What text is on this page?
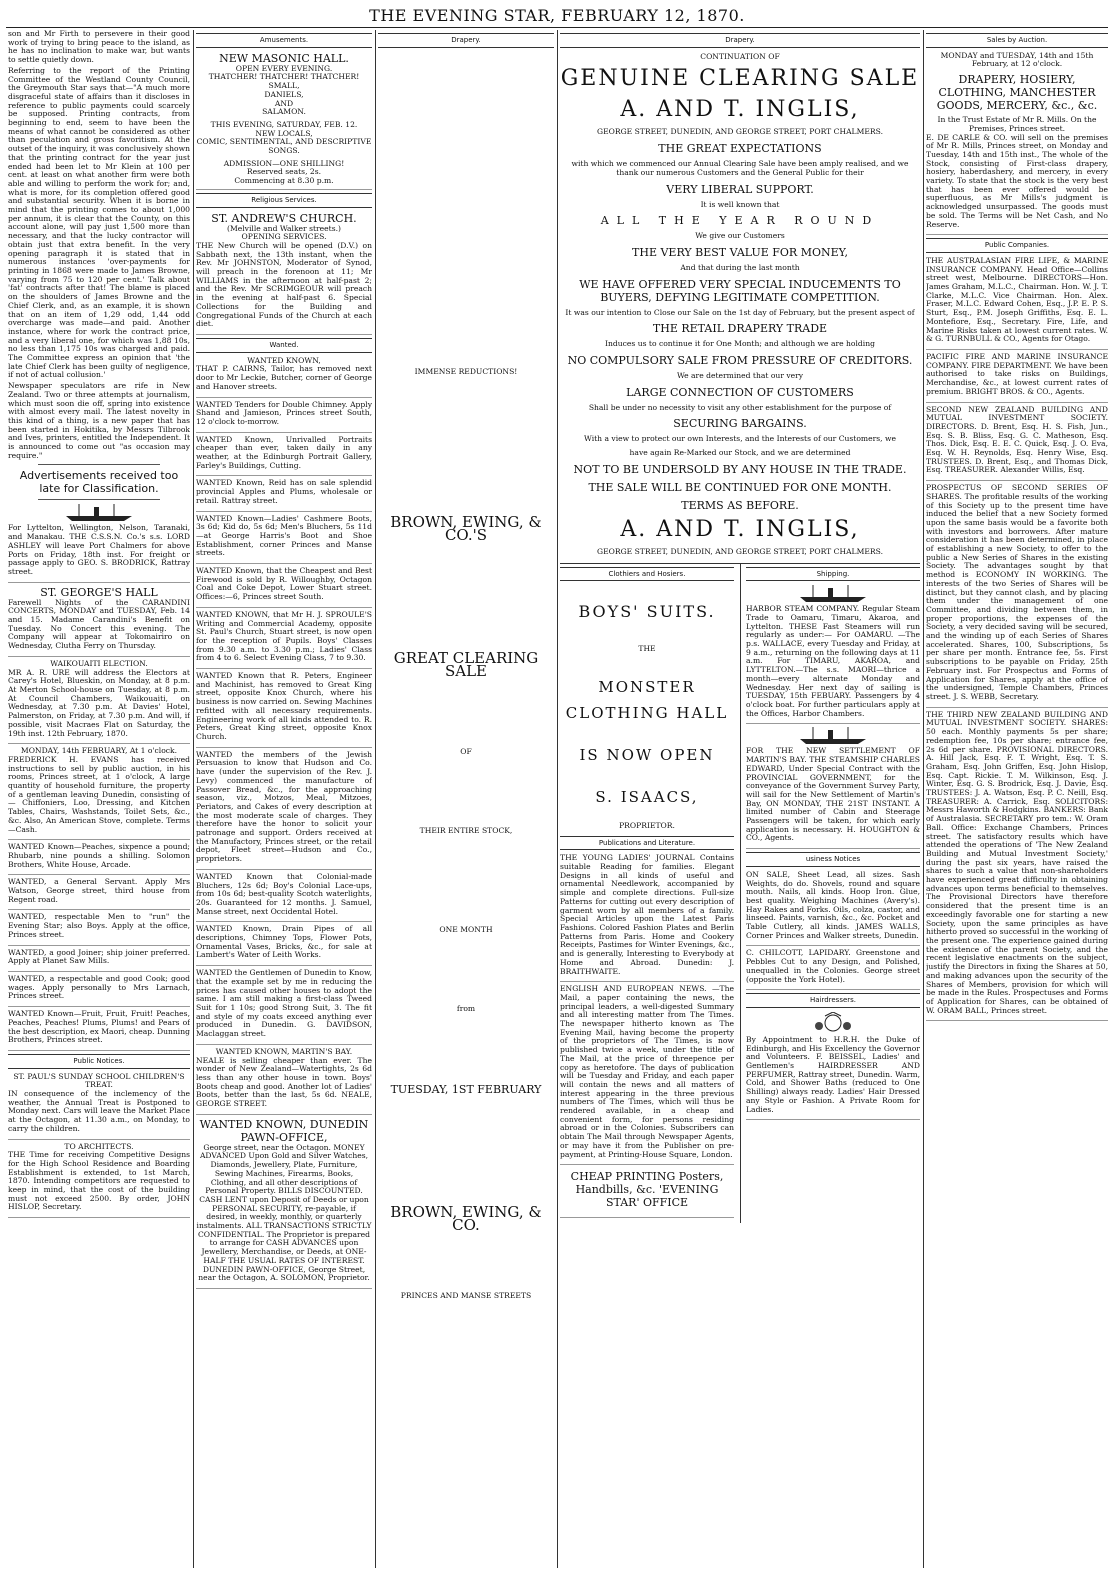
THE EVENING STAR, FEBRUARY 12, 1870.

son and Mr Firth to persevere in their good work of trying to bring peace to the island, as he has no inclination to make war, but wants to settle quietly down.

Referring to the report of the Printing Committee of the Westland County Council, the Greymouth Star says that—"A much more disgraceful state of affairs than it discloses in reference to public payments could scarcely be supposed. Printing contracts, from beginning to end, seem to have been the means of what cannot be considered as other than peculation and gross favoritism. At the outset of the inquiry, it was conclusively shown that the printing contract for the year just ended had been let to Mr Klein at 100 per cent. at least on what another firm were both able and willing to perform the work for; and, what is more, for its completion offered good and substantial security. When it is borne in mind that the printing comes to about 1,000 per annum, it is clear that the County, on this account alone, will pay just 1,500 more than necessary, and that the lucky contractor will obtain just that extra benefit. In the very opening paragraph it is stated that in numerous instances 'over-payments for printing in 1868 were made to James Browne, varying from 75 to 120 per cent.' Talk about 'fat' contracts after that! The blame is placed on the shoulders of James Browne and the Chief Clerk, and, as an example, it is shown that on an item of 1,29 odd, 1,44 odd overcharge was made—and paid. Another instance, where for work the contract price, and a very liberal one, for which was 1,88 10s, no less than 1,175 10s was charged and paid. The Committee express an opinion that 'the late Chief Clerk has been guilty of negligence, if not of actual collusion.'

Newspaper speculators are rife in New Zealand. Two or three attempts at journalism, which must soon die off, spring into existence with almost every mail. The latest novelty in this kind of a thing, is a new paper that has been started in Hokitika, by Messrs Tilbrook and Ives, printers, entitled the Independent. It is announced to come out "as occasion may require."

Advertisements received too late for Classification.

For Lyttelton, Wellington, Nelson, Taranaki, and Manakau. THE C.S.S.N. Co.'s s.s. LORD ASHLEY will leave Port Chalmers for above Ports on Friday, 18th inst. For freight or passage apply to GEO. S. BRODRICK, Rattray street.

ST. GEORGE'S HALL

Farewell Nights of the CARANDINI CONCERTS, MONDAY and TUESDAY, Feb. 14 and 15. Madame Carandini's Benefit on Tuesday. No Concert this evening. The Company will appear at Tokomairiro on Wednesday, Clutha Ferry on Thursday.

WAIKOUAITI ELECTION.

MR A. R. URE will address the Electors at Carey's Hotel, Blueskin, on Monday, at 8 p.m. At Merton School-house on Tuesday, at 8 p.m. At Council Chambers, Waikouaiti, on Wednesday, at 7.30 p.m. At Davies' Hotel, Palmerston, on Friday, at 7.30 p.m. And will, if possible, visit Macraes Flat on Saturday, the 19th inst. 12th February, 1870.

MONDAY, 14th FEBRUARY, At 1 o'clock.

FREDERICK H. EVANS has received instructions to sell by public auction, in his rooms, Princes street, at 1 o'clock, A large quantity of household furniture, the property of a gentleman leaving Dunedin, consisting of— Chiffoniers, Loo, Dressing, and Kitchen Tables, Chairs, Washstands, Toilet Sets, &c., &c. Also, An American Stove, complete. Terms—Cash.

WANTED Known—Peaches, sixpence a pound; Rhubarb, nine pounds a shilling. Solomon Brothers, White House, Arcade.

WANTED, a General Servant. Apply Mrs Watson, George street, third house from Regent road.

WANTED, respectable Men to "run" the Evening Star; also Boys. Apply at the office, Princes street.

WANTED, a good Joiner; ship joiner preferred. Apply at Planet Saw Mills.

WANTED, a respectable and good Cook; good wages. Apply personally to Mrs Larnach, Princes street.

WANTED Known—Fruit, Fruit, Fruit! Peaches, Peaches, Peaches! Plums, Plums! and Pears of the best description, ex Maori, cheap. Dunning Brothers, Princes street.

Public Notices.
ST. PAUL'S SUNDAY SCHOOL CHILDREN'S TREAT.

IN consequence of the inclemency of the weather, the Annual Treat is Postponed to Monday next. Cars will leave the Market Place at the Octagon, at 11.30 a.m., on Monday, to carry the children.

TO ARCHITECTS.

THE Time for receiving Competitive Designs for the High School Residence and Boarding Establishment is extended, to 1st March, 1870. Intending competitors are requested to keep in mind, that the cost of the building must not exceed 2500. By order, JOHN HISLOP, Secretary.

Amusements.
NEW MASONIC HALL.
OPEN EVERY EVENING.
THATCHER! THATCHER! THATCHER!
SMALL,
DANIELS,
AND
SALAMON.
THIS EVENING, SATURDAY, FEB. 12.
NEW LOCALS,
COMIC, SENTIMENTAL, AND DESCRIPTIVE SONGS.
ADMISSION—ONE SHILLING!
Reserved seats, 2s.
Commencing at 8.30 p.m.
Religious Services.
ST. ANDREW'S CHURCH.
(Melville and Walker streets.)
OPENING SERVICES.

THE New Church will be opened (D.V.) on Sabbath next, the 13th instant, when the Rev. Mr JOHNSTON, Moderator of Synod, will preach in the forenoon at 11; Mr WILLIAMS in the afternoon at half-past 2; and the Rev. Mr SCRIMGEOUR will preach in the evening at half-past 6. Special Collections for the Building and Congregational Funds of the Church at each diet.

Wanted.
WANTED KNOWN,

THAT P. CAIRNS, Tailor, has removed next door to Mr Leckie, Butcher, corner of George and Hanover streets.

WANTED Tenders for Double Chimney. Apply Shand and Jamieson, Princes street South, 12 o'clock to-morrow.

WANTED Known, Unrivalled Portraits cheaper than ever, taken daily in any weather, at the Edinburgh Portrait Gallery, Farley's Buildings, Cutting.

WANTED Known, Reid has on sale splendid provincial Apples and Plums, wholesale or retail. Rattray street.

WANTED Known—Ladies' Cashmere Boots, 3s 6d; Kid do, 5s 6d; Men's Bluchers, 5s 11d—at George Harris's Boot and Shoe Establishment, corner Princes and Manse streets.

WANTED Known, that the Cheapest and Best Firewood is sold by R. Willoughby, Octagon Coal and Coke Depot, Lower Stuart street. Offices:—6, Princes street South.

WANTED KNOWN, that Mr H. J. SPROULE'S Writing and Commercial Academy, opposite St. Paul's Church, Stuart street, is now open for the reception of Pupils. Boys' Classes from 9.30 a.m. to 3.30 p.m.; Ladies' Class from 4 to 6. Select Evening Class, 7 to 9.30.

WANTED Known that R. Peters, Engineer and Machinist, has removed to Great King street, opposite Knox Church, where his business is now carried on. Sewing Machines refitted with all necessary requirements. Engineering work of all kinds attended to. R. Peters, Great King street, opposite Knox Church.

WANTED the members of the Jewish Persuasion to know that Hudson and Co. have (under the supervision of the Rev. J. Levy) commenced the manufacture of Passover Bread, &c., for the approaching season, viz., Motzos, Meal, Mitzoes, Periators, and Cakes of every description at the most moderate scale of charges. They therefore have the honor to solicit your patronage and support. Orders received at the Manufactory, Princes street, or the retail depot, Fleet street—Hudson and Co., proprietors.

WANTED Known that Colonial-made Bluchers, 12s 6d; Boy's Colonial Lace-ups, from 10s 6d; best-quality Scotch waterlights, 20s. Guaranteed for 12 months. J. Samuel, Manse street, next Occidental Hotel.

WANTED Known, Drain Pipes of all descriptions, Chimney Tops, Flower Pots, Ornamental Vases, Bricks, &c., for sale at Lambert's Water of Leith Works.

WANTED the Gentlemen of Dunedin to Know, that the example set by me in reducing the prices has caused other houses to adopt the same. I am still making a first-class Tweed Suit for 1 10s; good Strong Suit, 3. The fit and style of my coats exceed anything ever produced in Dunedin. G. DAVIDSON, Maclaggan street.

WANTED KNOWN, MARTIN'S BAY.

NEALE is selling cheaper than ever. The wonder of New Zealand—Watertights, 2s 6d less than any other house in town. Boys' Boots cheap and good. Another lot of Ladies' Boots, better than the last, 5s 6d. NEALE, GEORGE STREET.

WANTED KNOWN, DUNEDIN PAWN-OFFICE,

George street, near the Octagon. MONEY ADVANCED Upon Gold and Silver Watches, Diamonds, Jewellery, Plate, Furniture, Sewing Machines, Firearms, Books, Clothing, and all other descriptions of Personal Property. BILLS DISCOUNTED. CASH LENT upon Deposit of Deeds or upon PERSONAL SECURITY, re-payable, if desired, in weekly, monthly, or quarterly instalments. ALL TRANSACTIONS STRICTLY CONFIDENTIAL. The Proprietor is prepared to arrange for CASH ADVANCES upon Jewellery, Merchandise, or Deeds, at ONE-HALF THE USUAL RATES OF INTEREST. DUNEDIN PAWN-OFFICE, George Street, near the Octagon, A. SOLOMON, Proprietor.

Drapery.
IMMENSE REDUCTIONS!
BROWN, EWING, & CO.'S
GREAT CLEARING SALE
OF
THEIR ENTIRE STOCK,
ONE MONTH
from
TUESDAY, 1ST FEBRUARY
BROWN, EWING, & CO.
PRINCES AND MANSE STREETS
Drapery.
CONTINUATION OF
GENUINE CLEARING SALE
A. AND T. INGLIS,
GEORGE STREET, DUNEDIN, AND GEORGE STREET, PORT CHALMERS.
THE GREAT EXPECTATIONS
with which we commenced our Annual Clearing Sale have been amply realised, and we thank our numerous Customers and the General Public for their
VERY LIBERAL SUPPORT.
It is well known that
ALL THE YEAR ROUND
We give our Customers
THE VERY BEST VALUE FOR MONEY,
And that during the last month
WE HAVE OFFERED VERY SPECIAL INDUCEMENTS TO BUYERS, DEFYING LEGITIMATE COMPETITION.
It was our intention to Close our Sale on the 1st day of February, but the present aspect of
THE RETAIL DRAPERY TRADE
Induces us to continue it for One Month; and although we are holding
NO COMPULSORY SALE FROM PRESSURE OF CREDITORS.
We are determined that our very
LARGE CONNECTION OF CUSTOMERS
Shall be under no necessity to visit any other establishment for the purpose of
SECURING BARGAINS.
With a view to protect our own Interests, and the Interests of our Customers, we
have again Re-Marked our Stock, and we are determined
NOT TO BE UNDERSOLD BY ANY HOUSE IN THE TRADE.
THE SALE WILL BE CONTINUED FOR ONE MONTH.
TERMS AS BEFORE.
A. AND T. INGLIS,
GEORGE STREET, DUNEDIN, AND GEORGE STREET, PORT CHALMERS.
Clothiers and Hosiers.
BOYS' SUITS.
THE
MONSTER CLOTHING HALL
IS NOW OPEN
S. ISAACS,
PROPRIETOR.
Publications and Literature.

THE YOUNG LADIES' JOURNAL Contains suitable Reading for families. Elegant Designs in all kinds of useful and ornamental Needlework, accompanied by simple and complete directions. Full-size Patterns for cutting out every description of garment worn by all members of a family. Special Articles upon the Latest Paris Fashions. Colored Fashion Plates and Berlin Patterns from Paris. Home and Cookery Receipts, Pastimes for Winter Evenings, &c., and is generally, Interesting to Everybody at Home and Abroad. Dunedin: J. BRAITHWAITE.

ENGLISH AND EUROPEAN NEWS. —The Mail, a paper containing the news, the principal leaders, a well-digested Summary and all interesting matter from The Times. The newspaper hitherto known as The Evening Mail, having become the property of the proprietors of The Times, is now published twice a week, under the title of The Mail, at the price of threepence per copy as heretofore. The days of publication will be Tuesday and Friday, and each paper will contain the news and all matters of interest appearing in the three previous numbers of The Times, which will thus be rendered available, in a cheap and convenient form, for persons residing abroad or in the Colonies. Subscribers can obtain The Mail through Newspaper Agents, or may have it from the Publisher on pre-payment, at Printing-House Square, London.

CHEAP PRINTING Posters, Handbills, &c. 'EVENING STAR' OFFICE

Shipping.

HARBOR STEAM COMPANY. Regular Steam Trade to Oamaru, Timaru, Akaroa, and Lyttelton. THESE Fast Steamers will run regularly as under:— For OAMARU. —The p.s. WALLACE, every Tuesday and Friday, at 9 a.m., returning on the following days at 11 a.m. For TIMARU, AKAROA, and LYTTELTON.—The s.s. MAORI—thrice a month—every alternate Monday and Wednesday. Her next day of sailing is TUESDAY, 15th FEBUARY. Passengers by 4 o'clock boat. For further particulars apply at the Offices, Harbor Chambers.

FOR THE NEW SETTLEMENT OF MARTIN'S BAY. THE STEAMSHIP CHARLES EDWARD, Under Special Contract with the PROVINCIAL GOVERNMENT, for the conveyance of the Government Survey Party, will sail for the New Settlement of Martin's Bay, ON MONDAY, THE 21ST INSTANT. A limited number of Cabin and Steerage Passengers will be taken, for which early application is necessary. H. HOUGHTON & CO., Agents.

usiness Notices

ON SALE, Sheet Lead, all sizes. Sash Weights, do do. Shovels, round and square mouth. Nails, all kinds. Hoop Iron. Glue, best quality. Weighing Machines (Avery's). Hay Rakes and Forks. Oils, colza, castor, and linseed. Paints, varnish, &c., &c. Pocket and Table Cutlery, all kinds. JAMES WALLS, Corner Princes and Walker streets, Dunedin.

C. CHILCOTT, LAPIDARY. Greenstone and Pebbles Cut to any Design, and Polished, unequalled in the Colonies. George street (opposite the York Hotel).

Hairdressers.

By Appointment to H.R.H. the Duke of Edinburgh, and His Excellency the Governor and Volunteers. F. BEISSEL, Ladies' and Gentlemen's HAIRDRESSER AND PERFUMER, Rattray street, Dunedin. Warm, Cold, and Shower Baths (reduced to One Shilling) always ready. Ladies' Hair Dressed any Style or Fashion. A Private Room for Ladies.

Sales by Auction.
MONDAY and TUESDAY, 14th and 15th February, at 12 o'clock.
DRAPERY, HOSIERY, CLOTHING, MANCHESTER GOODS, MERCERY, &c., &c.
In the Trust Estate of Mr R. Mills. On the Premises, Princes street.

E. DE CARLE & CO. will sell on the premises of Mr R. Mills, Princes street, on Monday and Tuesday, 14th and 15th inst., The whole of the Stock, consisting of First-class drapery, hosiery, haberdashery, and mercery, in every variety. To state that the stock is the very best that has been ever offered would be superfluous, as Mr Mills's judgment is acknowledged unsurpassed. The goods must be sold. The Terms will be Net Cash, and No Reserve.

Public Companies.

THE AUSTRALASIAN FIRE LIFE, & MARINE INSURANCE COMPANY. Head Office—Collins street west, Melbourne. DIRECTORS—Hon. James Graham, M.L.C., Chairman. Hon. W. J. T. Clarke, M.L.C. Vice Chairman. Hon. Alex. Fraser, M.L.C. Edward Cohen, Esq., J.P. E. P. S. Sturt, Esq., P.M. Joseph Griffiths, Esq. E. L. Montefiore, Esq., Secretary. Fire, Life, and Marine Risks taken at lowest current rates. W. & G. TURNBULL & CO., Agents for Otago.

PACIFIC FIRE AND MARINE INSURANCE COMPANY. FIRE DEPARTMENT. We have been authorised to take risks on Buildings, Merchandise, &c., at lowest current rates of premium. BRIGHT BROS. & CO., Agents.

SECOND NEW ZEALAND BUILDING AND MUTUAL INVESTMENT SOCIETY. DIRECTORS. D. Brent, Esq. H. S. Fish, Jun., Esq. S. B. Bliss, Esq. G. C. Matheson, Esq. Thos. Dick, Esq. E. E. C. Quick, Esq. J. O. Eva, Esq. W. H. Reynolds, Esq. Henry Wise, Esq. TRUSTEES. D. Brent, Esq., and Thomas Dick, Esq. TREASURER. Alexander Willis, Esq.

PROSPECTUS OF SECOND SERIES OF SHARES. The profitable results of the working of this Society up to the present time have induced the belief that a new Society formed upon the same basis would be a favorite both with investors and borrowers. After mature consideration it has been determined, in place of establishing a new Society, to offer to the public a New Series of Shares in the existing Society. The advantages sought by that method is ECONOMY IN WORKING. The interests of the two Series of Shares will be distinct, but they cannot clash, and by placing them under the management of one Committee, and dividing between them, in proper proportions, the expenses of the Society, a very decided saving will be secured, and the winding up of each Series of Shares accelerated. Shares, 100, Subscriptions, 5s per share per month. Entrance fee, 5s. First subscriptions to be payable on Friday, 25th February inst. For Prospectus and Forms of Application for Shares, apply at the office of the undersigned, Temple Chambers, Princes street. J. S. WEBB, Secretary.

THE THIRD NEW ZEALAND BUILDING AND MUTUAL INVESTMENT SOCIETY. SHARES: 50 each. Monthly payments 5s per share; redemption fee, 10s per share; entrance fee, 2s 6d per share. PROVISIONAL DIRECTORS. A. Hill Jack, Esq. F. T. Wright, Esq. T. S. Graham, Esq. John Griffen, Esq. John Hislop, Esq. Capt. Rickie. T. M. Wilkinson, Esq. J. Winter, Esq. G. S. Brodrick, Esq. J. Davie, Esq. TRUSTEES: J. A. Watson, Esq. P. C. Neill, Esq. TREASURER: A. Carrick, Esq. SOLICITORS: Messrs Haworth & Hodgkins. BANKERS: Bank of Australasia. SECRETARY pro tem.: W. Oram Ball. Office: Exchange Chambers, Princes street. The satisfactory results which have attended the operations of 'The New Zealand Building and Mutual Investment Society,' during the past six years, have raised the shares to such a value that non-shareholders have experienced great difficulty in obtaining advances upon terms beneficial to themselves. The Provisional Directors have therefore considered that the present time is an exceedingly favorable one for starting a new Society, upon the same principles as have hitherto proved so successful in the working of the present one. The experience gained during the existence of the parent Society, and the recent legislative enactments on the subject, justify the Directors in fixing the Shares at 50, and making advances upon the security of the Shares of Members, provision for which will be made in the Rules. Prospectuses and Forms of Application for Shares, can be obtained of W. ORAM BALL, Princes street.
